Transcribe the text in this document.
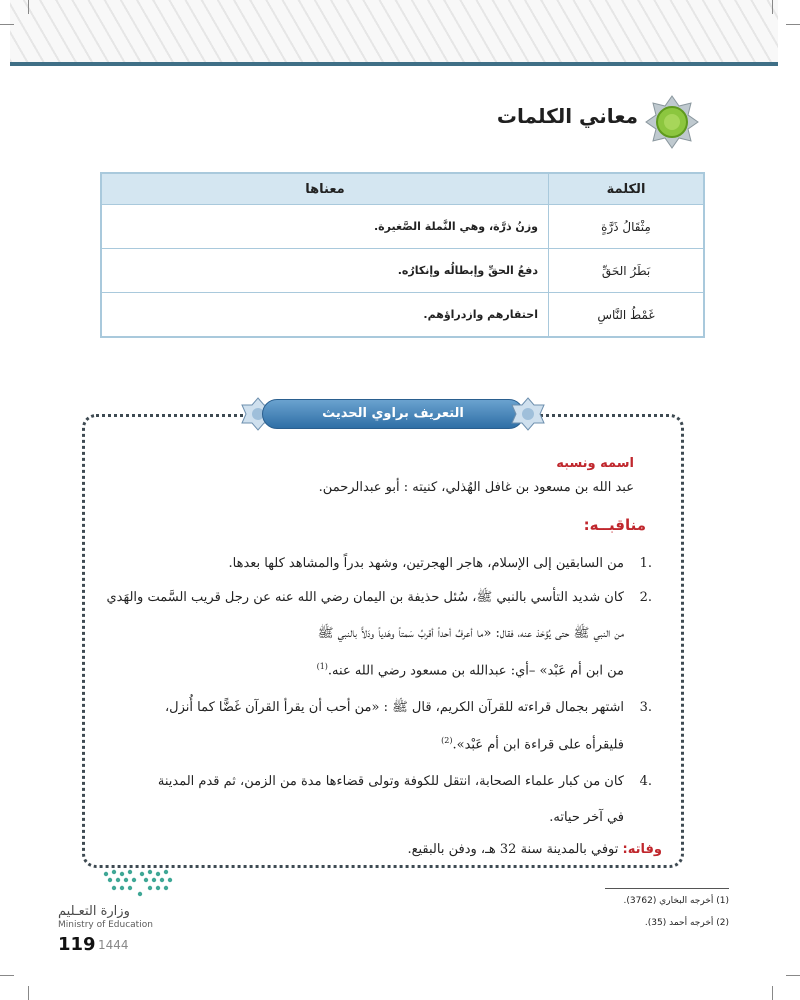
معاني الكلمات
الكلمة	معناها
مِثْقَالُ ذَرَّةٍ	وزنُ ذرَّة، وهي النَّملة الصَّغيرة.
بَطَرُ الحَقِّ	دفعُ الحقِّ وإبطالُه وإنكارُه.
غَمْطُ النَّاسِ	احتقارهم وازدراؤهم.
التعريف براوي الحديث
اسمه ونسبه
عبد الله بن مسعود بن غافل الهُذلي، كنيته : أبو عبدالرحمن.
مناقبــه:
1.
من السابقين إلى الإسلام، هاجر الهجرتين، وشهد بدراً والمشاهد كلها بعدها.
2.
كان شديد التأسي بالنبي ﷺ، سُئل حذيفة بن اليمان رضي الله عنه عن رجل قريب السَّمت والهَدي
من النبي ﷺ حتى يُؤخذ عنه، فقال: «ما أعرفُ أحداً أقربُ سَمتاً وهَدياً ودَلاًّ بالنبي ﷺ
من ابن أم عَبْد» –أي: عبدالله بن مسعود رضي الله عنه.$^{(1)}$
3.
اشتهر بجمال قراءته للقرآن الكريم، قال ﷺ : «من أحب أن يقرأ القرآن غَضًّا كما أُنزل،
فليقرأه على قراءة ابن أم عَبْد».$^{(2)}$
4.
كان من كبار علماء الصحابة، انتقل للكوفة وتولى قضاءها مدة من الزمن، ثم قدم المدينة
في آخر حياته.
وفاته: توفي بالمدينة سنة 32 هـ، ودفن بالبقيع.
(1) أخرجه البخاري (3762).
(2) أخرجه أحمد (35).
وزارة التعـليم
Ministry of Education
119 1444
